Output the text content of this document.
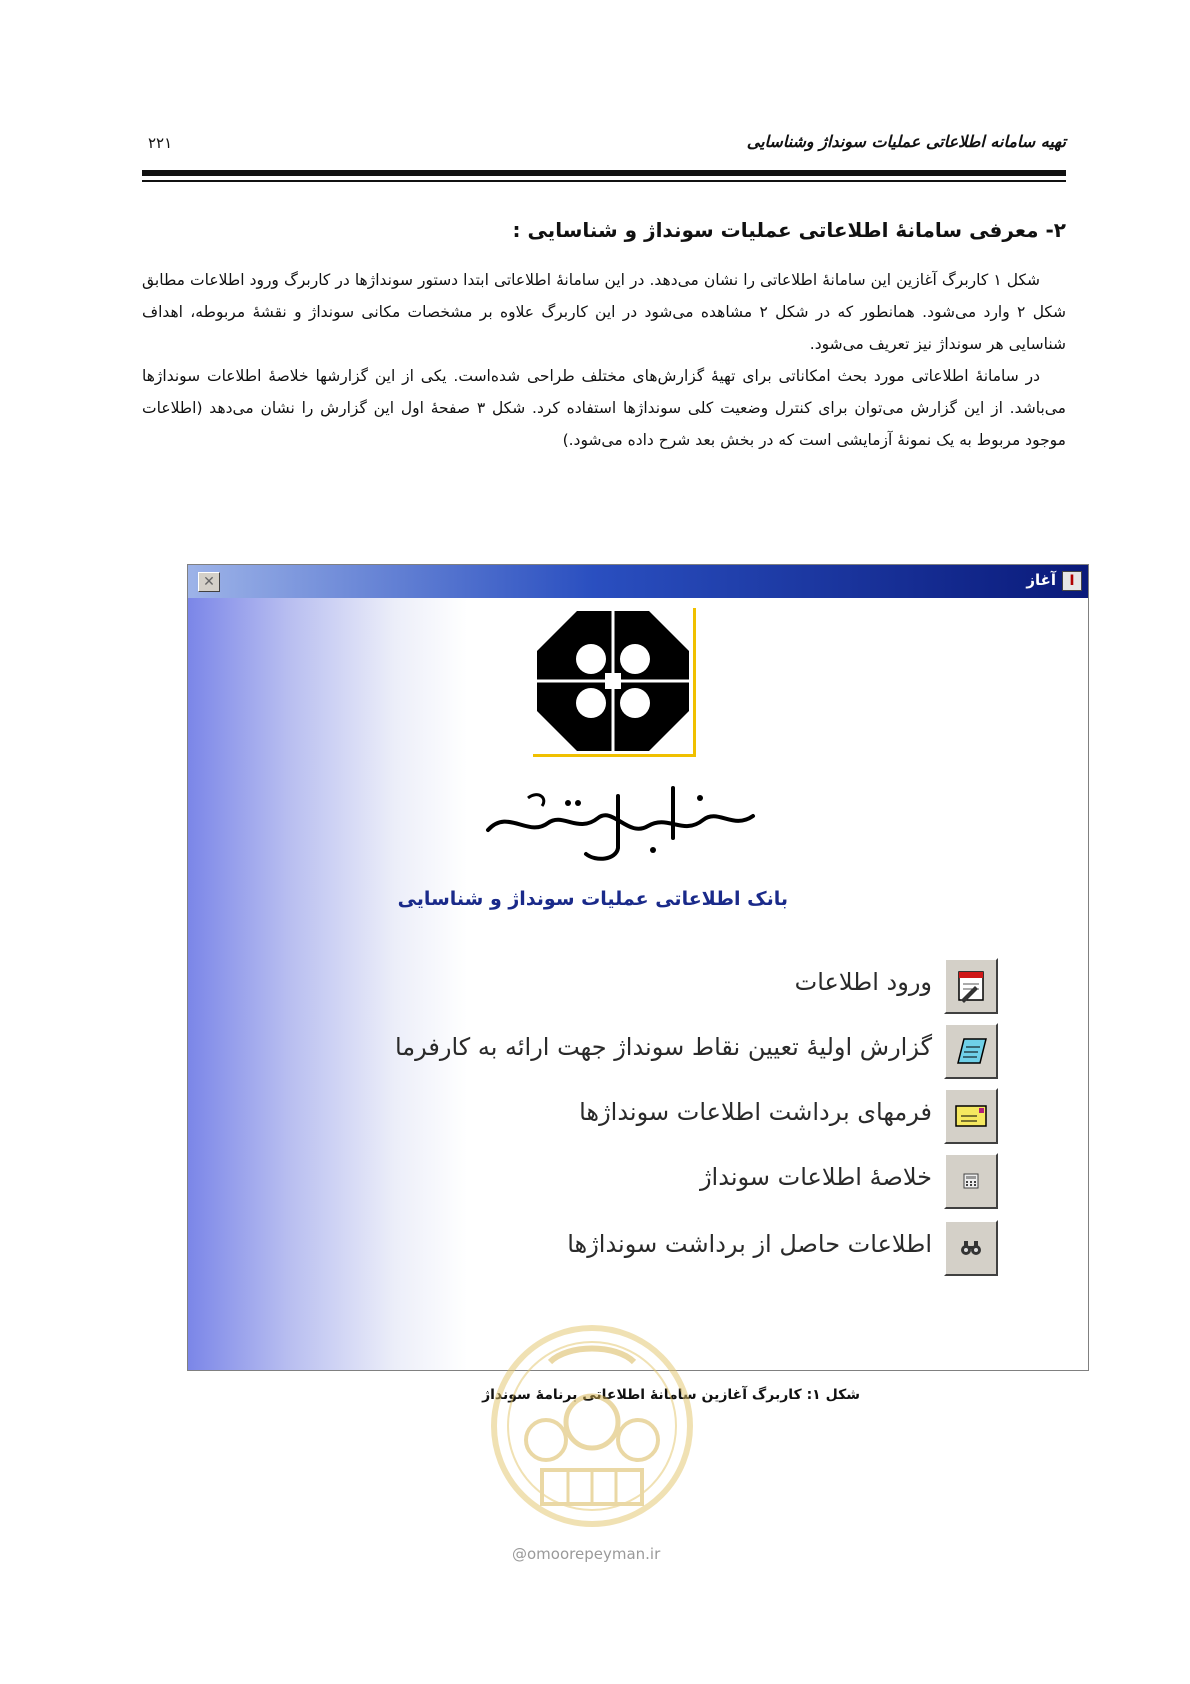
۲۲۱	تهیه سامانه اطلاعاتی عملیات سونداژ وشناسایی
۲- معرفی سامانۀ اطلاعاتی عملیات سونداژ و شناسایی :

شکل ۱ کاربرگ آغازین این سامانۀ اطلاعاتی را نشان می‌دهد. در این سامانۀ اطلاعاتی ابتدا دستور سونداژها در کاربرگ ورود اطلاعات مطابق شکل ۲ وارد می‌شود. همانطور که در شکل ۲ مشاهده می‌شود در این کاربرگ علاوه بر مشخصات مکانی سونداژ و نقشۀ مربوطه، اهداف شناسایی هر سونداژ نیز تعریف می‌شود.

در سامانۀ اطلاعاتی مورد بحث امکاناتی برای تهیۀ گزارش‌های مختلف طراحی شده‌است. یکی از این گزارشها خلاصۀ اطلاعات سونداژها می‌باشد. از این گزارش می‌توان برای کنترل وضعیت کلی سونداژها استفاده کرد. شکل ۳ صفحۀ اول این گزارش را نشان می‌دهد (اطلاعات موجود مربوط به یک نمونۀ آزمایشی است که در بخش بعد شرح داده می‌شود.)

I
آغاز
✕
بانک اطلاعاتی عملیات سونداژ و شناسایی
ورود اطلاعات
گزارش اولیۀ تعیین نقاط سونداژ جهت ارائه به کارفرما
فرمهای برداشت اطلاعات سونداژها
خلاصۀ اطلاعات سونداژ
اطلاعات حاصل از برداشت سونداژها
شکل ۱: کاربرگ آغازین سامانۀ اطلاعاتی برنامۀ سونداژ
@omoorepeyman.ir
